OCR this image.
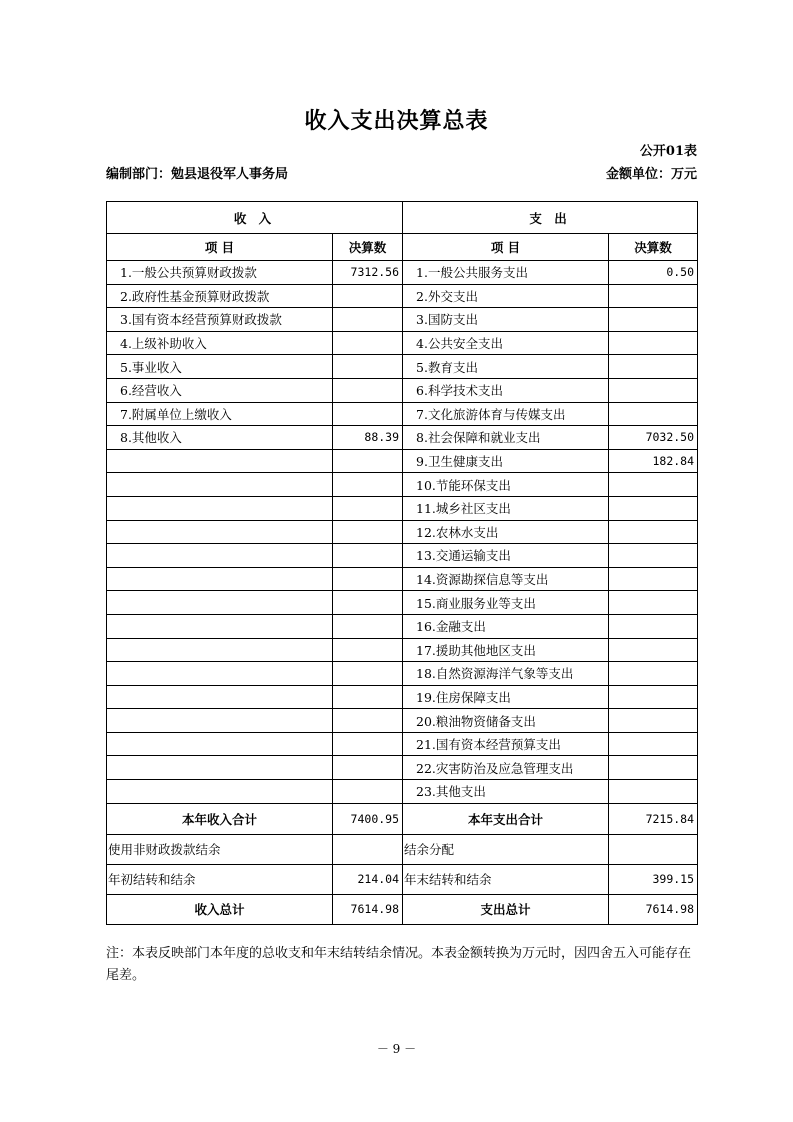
收入支出决算总表
公开01表
编制部门：勉县退役军人事务局	金额单位：万元
收 入		支 出	
项 目	决算数	项 目	决算数
1.一般公共预算财政拨款	7312.56	1.一般公共服务支出	0.50
2.政府性基金预算财政拨款		2.外交支出	
3.国有资本经营预算财政拨款		3.国防支出	
4.上级补助收入		4.公共安全支出	
5.事业收入		5.教育支出	
6.经营收入		6.科学技术支出	
7.附属单位上缴收入		7.文化旅游体育与传媒支出	
8.其他收入	88.39	8.社会保障和就业支出	7032.50
		9.卫生健康支出	182.84
		10.节能环保支出	
		11.城乡社区支出	
		12.农林水支出	
		13.交通运输支出	
		14.资源勘探信息等支出	
		15.商业服务业等支出	
		16.金融支出	
		17.援助其他地区支出	
		18.自然资源海洋气象等支出	
		19.住房保障支出	
		20.粮油物资储备支出	
		21.国有资本经营预算支出	
		22.灾害防治及应急管理支出	
		23.其他支出	
本年收入合计	7400.95	本年支出合计	7215.84
使用非财政拨款结余		结余分配	
年初结转和结余	214.04	年末结转和结余	399.15
收入总计	7614.98	支出总计	7614.98
注：本表反映部门本年度的总收支和年末结转结余情况。本表金额转换为万元时，因四舍五入可能存在尾差。
－ 9 －
